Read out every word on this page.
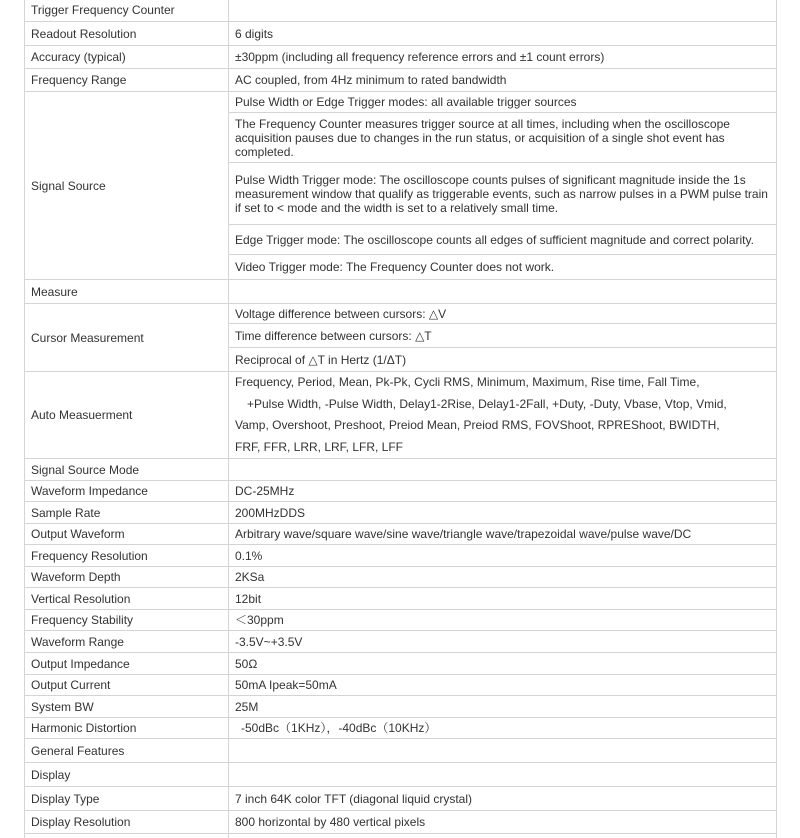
Trigger Frequency Counter	
Readout Resolution	6 digits
Accuracy (typical)	±30ppm (including all frequency reference errors and ±1 count errors)
Frequency Range	AC coupled, from 4Hz minimum to rated bandwidth
Signal Source	Pulse Width or Edge Trigger modes: all available trigger sources
	The Frequency Counter measures trigger source at all times, including when the oscilloscope acquisition pauses due to changes in the run status, or acquisition of a single shot event has completed.
	Pulse Width Trigger mode: The oscilloscope counts pulses of significant magnitude inside the 1s measurement window that qualify as triggerable events, such as narrow pulses in a PWM pulse train if set to < mode and the width is set to a relatively small time.
	Edge Trigger mode: The oscilloscope counts all edges of sufficient magnitude and correct polarity.
	Video Trigger mode: The Frequency Counter does not work.
Measure	
Cursor Measurement	Voltage difference between cursors: △V
	Time difference between cursors: △T
	Reciprocal of △T in Hertz (1/ΔT)
Auto Measuerment	Frequency, Period, Mean, Pk-Pk, Cycli RMS, Minimum, Maximum, Rise time, Fall Time,
+Pulse Width, -Pulse Width, Delay1-2Rise, Delay1-2Fall, +Duty, -Duty, Vbase, Vtop, Vmid,
Vamp, Overshoot, Preshoot, Preiod Mean, Preiod RMS, FOVShoot, RPREShoot, BWIDTH,
FRF, FFR, LRR, LRF, LFR, LFF

Signal Source Mode	
Waveform Impedance	DC-25MHz
Sample Rate	200MHzDDS
Output Waveform	Arbitrary wave/square wave/sine wave/triangle wave/trapezoidal wave/pulse wave/DC
Frequency Resolution	0.1%
Waveform Depth	2KSa
Vertical Resolution	12bit
Frequency Stability	＜30ppm
Waveform Range	-3.5V~+3.5V
Output Impedance	50Ω
Output Current	50mA Ipeak=50mA
System BW	25M
Harmonic Distortion	-50dBc（1KHz），-40dBc（10KHz）
General Features	
Display	
Display Type	7 inch 64K color TFT (diagonal liquid crystal)
Display Resolution	800 horizontal by 480 vertical pixels
